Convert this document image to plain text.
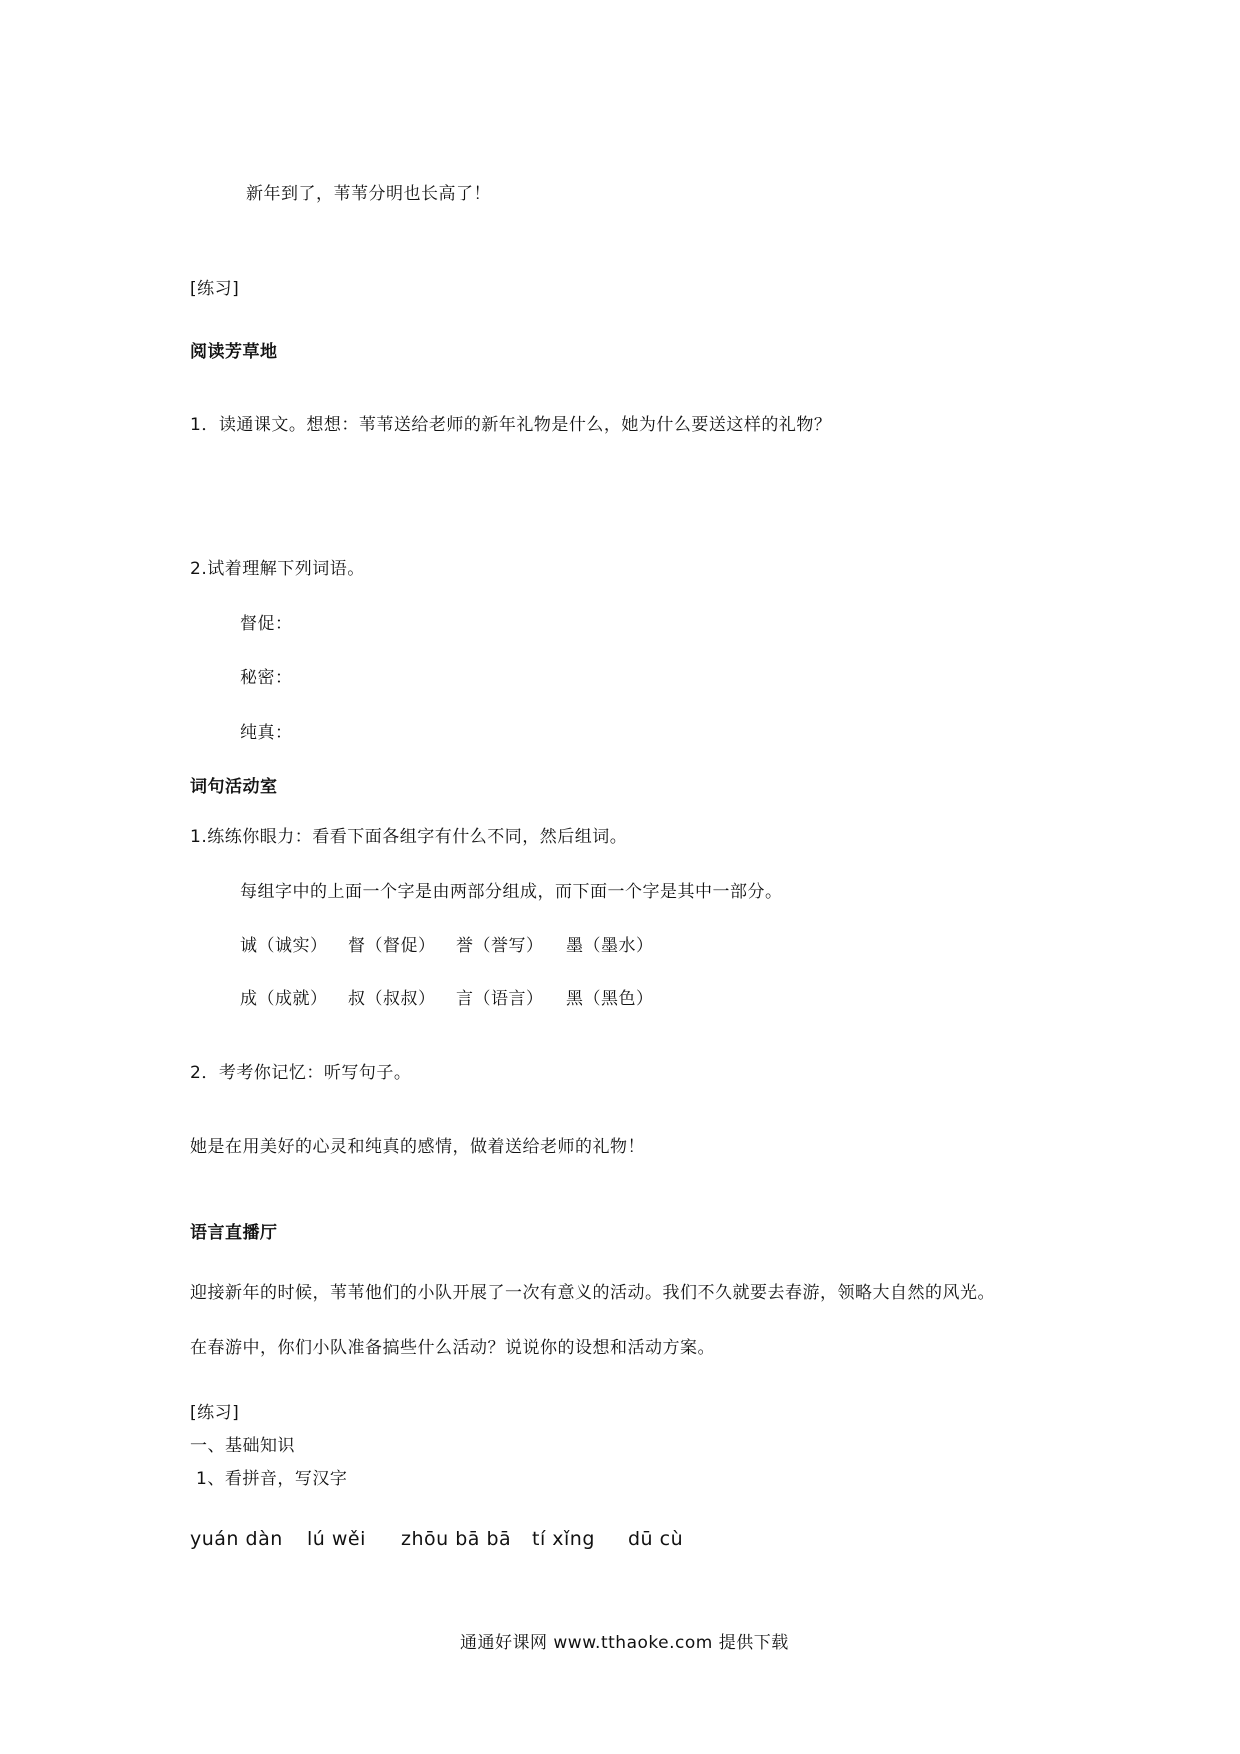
新年到了，苇苇分明也长高了！
[练习]
阅读芳草地
1．读通课文。想想：苇苇送给老师的新年礼物是什么，她为什么要送这样的礼物？
2.试着理解下列词语。
督促：
秘密：
纯真：
词句活动室
1.练练你眼力：看看下面各组字有什么不同，然后组词。
每组字中的上面一个字是由两部分组成，而下面一个字是其中一部分。
诚（诚实） 督（督促） 誉（誉写） 墨（墨水）
成（成就） 叔（叔叔） 言（语言） 黑（黑色）
2．考考你记忆：听写句子。
她是在用美好的心灵和纯真的感情，做着送给老师的礼物！
语言直播厅
迎接新年的时候，苇苇他们的小队开展了一次有意义的活动。我们不久就要去春游，领略大自然的风光。
在春游中，你们小队准备搞些什么活动？说说你的设想和活动方案。
[练习]
一、基础知识
1、看拼音，写汉字
yuán dàn lú wěi zhōu bā bā tí xǐng dū cù
通通好课网 www.tthaoke.com 提供下载
